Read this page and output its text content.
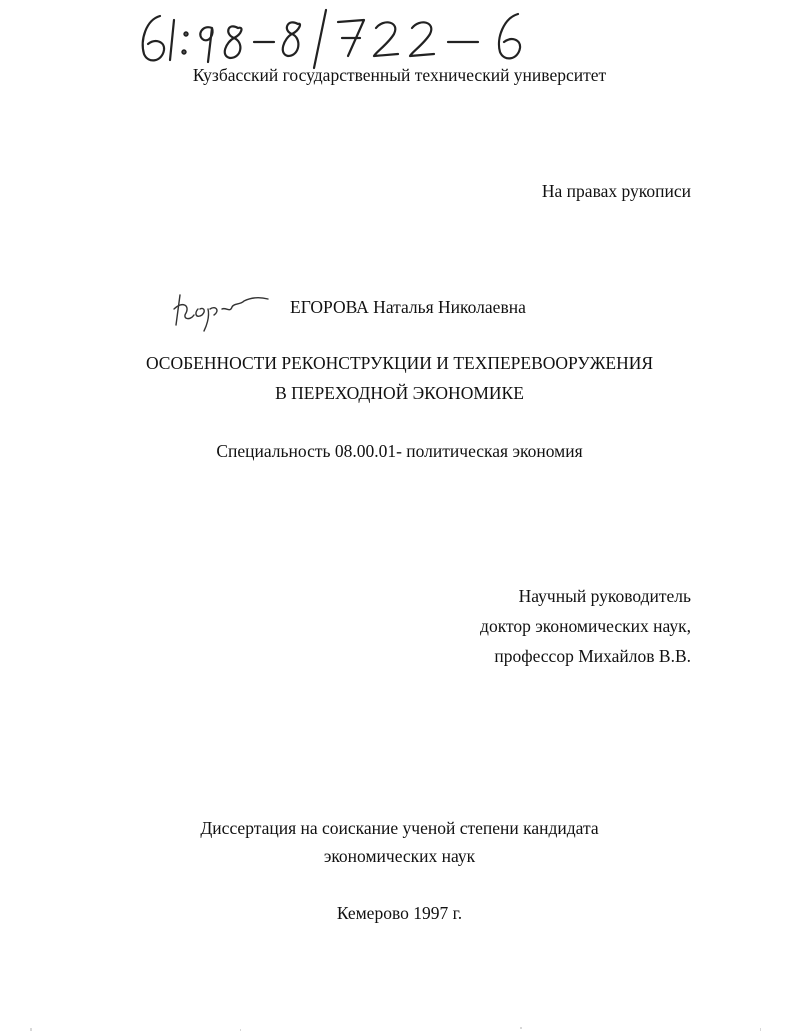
Кузбасский государственный технический университет
На правах рукописи
ЕГОРОВА Наталья Николаевна
ОСОБЕННОСТИ РЕКОНСТРУКЦИИ И ТЕХПЕРЕВООРУЖЕНИЯ
В ПЕРЕХОДНОЙ ЭКОНОМИКЕ
Специальность 08.00.01- политическая экономия
Научный руководитель
доктор экономических наук,
профессор Михайлов В.В.
Диссертация на соискание ученой степени кандидата
экономических наук
Кемерово 1997 г.
